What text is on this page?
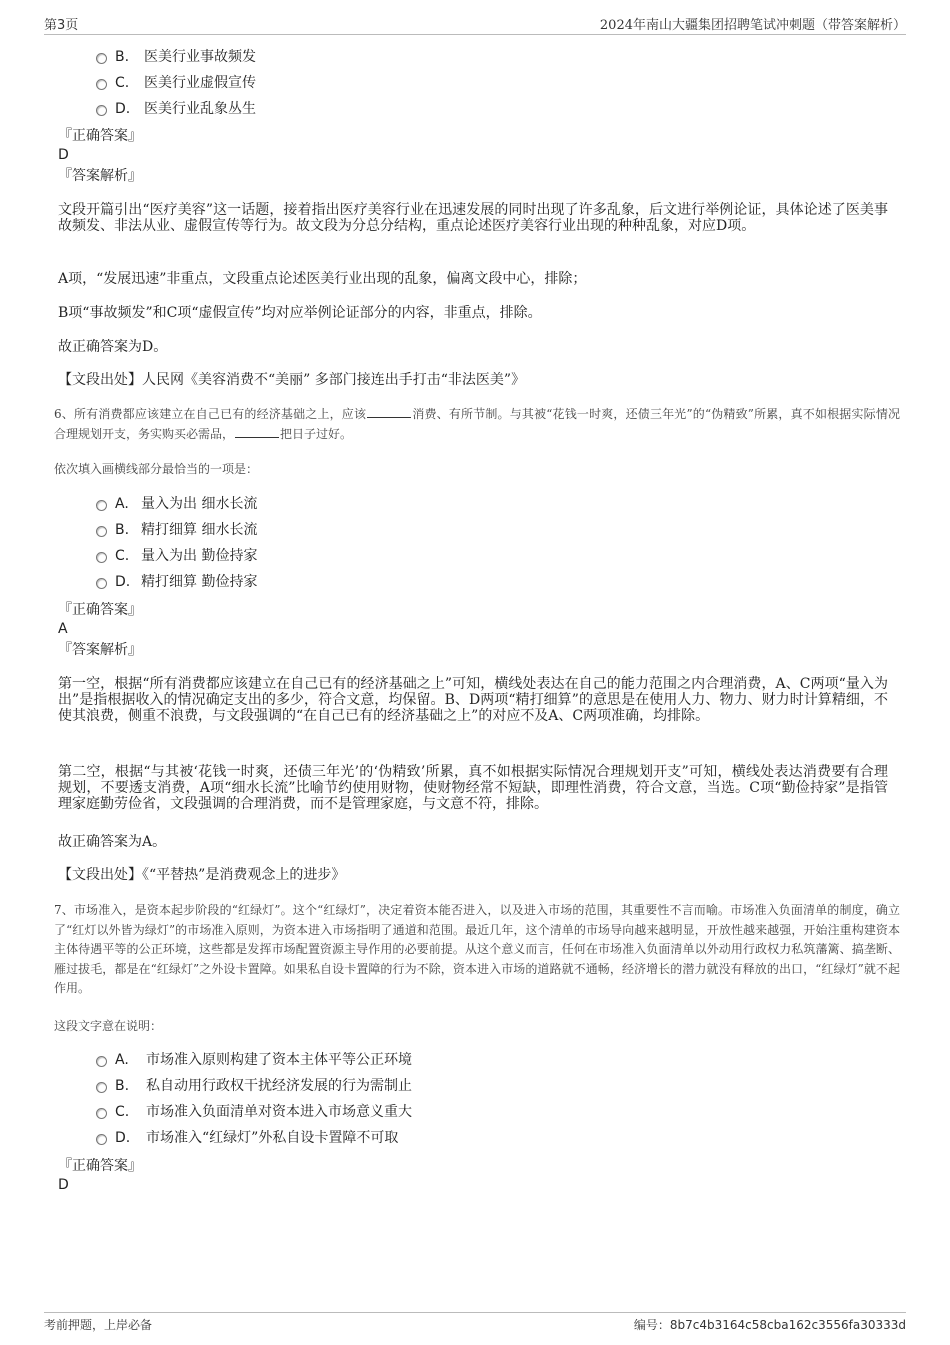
第3页	2024年南山大疆集团招聘笔试冲刺题（带答案解析）
B. 医美行业事故频发
C. 医美行业虚假宣传
D. 医美行业乱象丛生
『正确答案』
D
『答案解析』
文段开篇引出“医疗美容”这一话题，接着指出医疗美容行业在迅速发展的同时出现了许多乱象，后文进行举例论证，具体论述了医美事故频发、非法从业、虚假宣传等行为。故文段为分总分结构，重点论述医疗美容行业出现的种种乱象，对应D项。
A项，“发展迅速”非重点，文段重点论述医美行业出现的乱象，偏离文段中心，排除；
B项“事故频发”和C项“虚假宣传”均对应举例论证部分的内容，非重点，排除。
故正确答案为D。
【文段出处】人民网《美容消费不“美丽” 多部门接连出手打击“非法医美”》
6、所有消费都应该建立在自己已有的经济基础之上，应该	消费、有所节制。与其被“花钱一时爽，还债三年光”的“伪精致”所累，真不如根据实际情况合理规划开支，务实购买必需品，	把日子过好。
依次填入画横线部分最恰当的一项是：
A. 量入为出 细水长流
B. 精打细算 细水长流
C. 量入为出 勤俭持家
D. 精打细算 勤俭持家
『正确答案』
A
『答案解析』
第一空，根据“所有消费都应该建立在自己已有的经济基础之上”可知，横线处表达在自己的能力范围之内合理消费，A、C两项“量入为出”是指根据收入的情况确定支出的多少，符合文意，均保留。B、D两项“精打细算”的意思是在使用人力、物力、财力时计算精细，不使其浪费，侧重不浪费，与文段强调的“在自己已有的经济基础之上”的对应不及A、C两项准确，均排除。
第二空，根据“与其被‘花钱一时爽，还债三年光’的‘伪精致’所累，真不如根据实际情况合理规划开支”可知，横线处表达消费要有合理规划，不要透支消费，A项“细水长流”比喻节约使用财物，使财物经常不短缺，即理性消费，符合文意，当选。C项“勤俭持家”是指管理家庭勤劳俭省，文段强调的合理消费，而不是管理家庭，与文意不符，排除。
故正确答案为A。
【文段出处】《“平替热”是消费观念上的进步》
7、市场准入，是资本起步阶段的“红绿灯”。这个“红绿灯”，决定着资本能否进入，以及进入市场的范围，其重要性不言而喻。市场准入负面清单的制度，确立了“红灯以外皆为绿灯”的市场准入原则，为资本进入市场指明了通道和范围。最近几年，这个清单的市场导向越来越明显，开放性越来越强，开始注重构建资本主体待遇平等的公正环境，这些都是发挥市场配置资源主导作用的必要前提。从这个意义而言，任何在市场准入负面清单以外动用行政权力私筑藩篱、搞垄断、雁过拔毛，都是在“红绿灯”之外设卡置障。如果私自设卡置障的行为不除，资本进入市场的道路就不通畅，经济增长的潜力就没有释放的出口，“红绿灯”就不起作用。
这段文字意在说明：
A. 市场准入原则构建了资本主体平等公正环境
B. 私自动用行政权干扰经济发展的行为需制止
C. 市场准入负面清单对资本进入市场意义重大
D. 市场准入“红绿灯”外私自设卡置障不可取
『正确答案』
D
考前押题，上岸必备	编号：8b7c4b3164c58cba162c3556fa30333d
